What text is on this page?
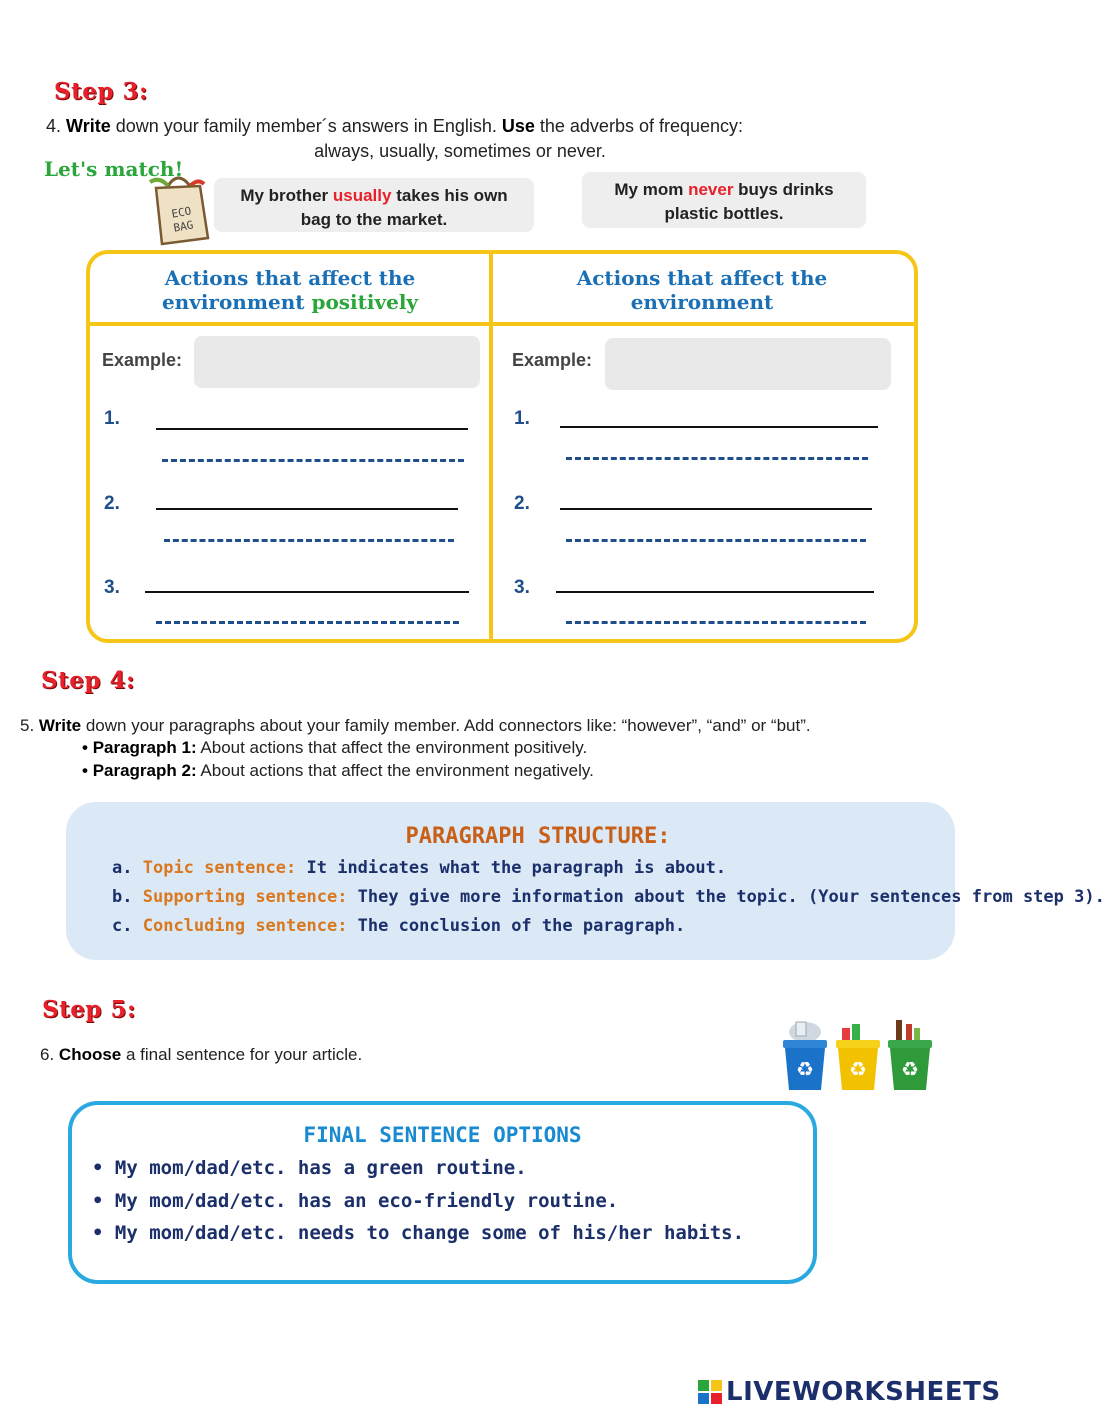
Step 3:
4. Write down your family member´s answers in English. Use the adverbs of frequency:
always, usually, sometimes or never.
Let's match!
ECO
BAG
My brother usually takes his own
bag to the market.
My mom never buys drinks
plastic bottles.
Actions that affect the
environment positively
Actions that affect the
environment
Example:
1.
2.
3.
Example:
1.
2.
3.
Step 4:
5. Write down your paragraphs about your family member. Add connectors like: “however”, “and” or “but”.
• Paragraph 1: About actions that affect the environment positively.
• Paragraph 2: About actions that affect the environment negatively.
PARAGRAPH STRUCTURE:
a. Topic sentence: It indicates what the paragraph is about.
b. Supporting sentence: They give more information about the topic. (Your sentences from step 3).
c. Concluding sentence: The conclusion of the paragraph.
Step 5:
6. Choose a final sentence for your article.
♻ ♻ ♻
FINAL SENTENCE OPTIONS
• My mom/dad/etc. has a green routine.
• My mom/dad/etc. has an eco-friendly routine.
• My mom/dad/etc. needs to change some of his/her habits.
LIVEWORKSHEETS
